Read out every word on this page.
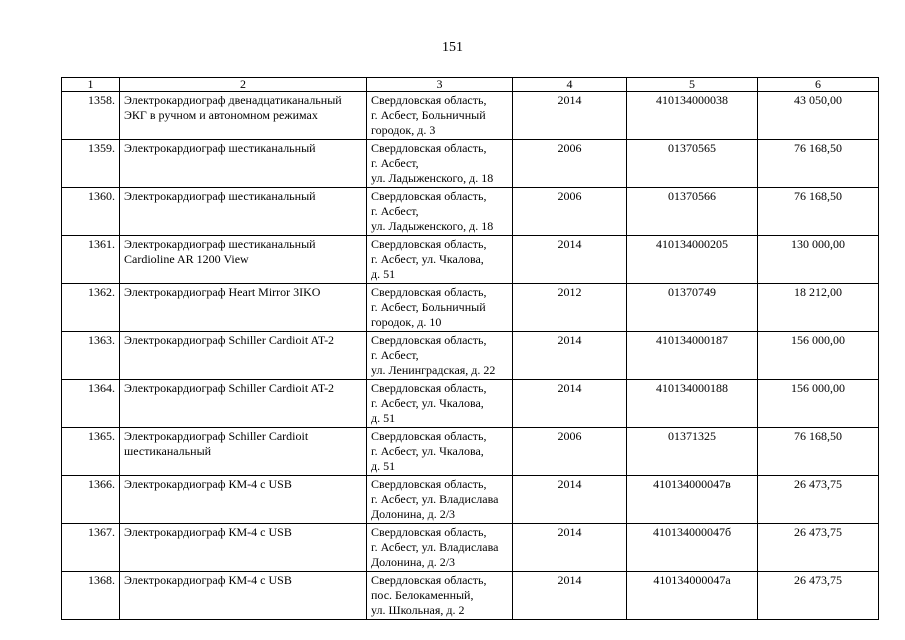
151
1	2	3	4	5	6
1358.	Электрокардиограф двенадцатиканальный ЭКГ в ручном и автономном режимах	Свердловская область,
г. Асбест, Больничный
городок, д. 3	2014	410134000038	43 050,00
1359.	Электрокардиограф шестиканальный	Свердловская область,
г. Асбест,
ул. Ладыженского, д. 18	2006	01370565	76 168,50
1360.	Электрокардиограф шестиканальный	Свердловская область,
г. Асбест,
ул. Ладыженского, д. 18	2006	01370566	76 168,50
1361.	Электрокардиограф шестиканальный
Cardioline AR 1200 View	Свердловская область,
г. Асбест, ул. Чкалова,
д. 51	2014	410134000205	130 000,00
1362.	Электрокардиограф Heart Mirror 3IKO	Свердловская область,
г. Асбест, Больничный
городок, д. 10	2012	01370749	18 212,00
1363.	Электрокардиограф Schiller Cardioit AT-2	Свердловская область,
г. Асбест,
ул. Ленинградская, д. 22	2014	410134000187	156 000,00
1364.	Электрокардиограф Schiller Cardioit AT-2	Свердловская область,
г. Асбест, ул. Чкалова,
д. 51	2014	410134000188	156 000,00
1365.	Электрокардиограф Schiller Cardioit шестиканальный	Свердловская область,
г. Асбест, ул. Чкалова,
д. 51	2006	01371325	76 168,50
1366.	Электрокардиограф КМ-4 с USB	Свердловская область,
г. Асбест, ул. Владислава
Долонина, д. 2/3	2014	410134000047в	26 473,75
1367.	Электрокардиограф КМ-4 с USB	Свердловская область,
г. Асбест, ул. Владислава
Долонина, д. 2/3	2014	410134000047б	26 473,75
1368.	Электрокардиограф КМ-4 с USB	Свердловская область,
пос. Белокаменный,
ул. Школьная, д. 2	2014	410134000047а	26 473,75
